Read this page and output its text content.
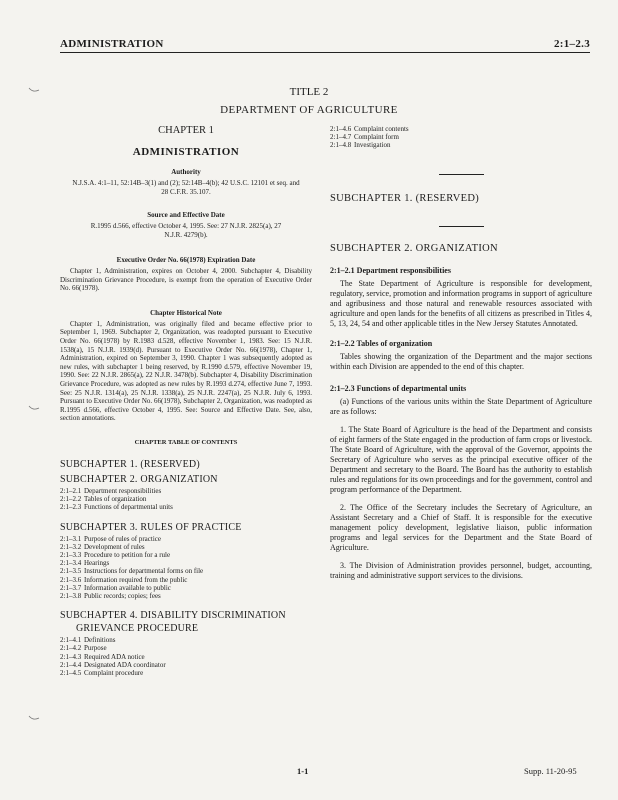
ADMINISTRATION	2:1–2.3
TITLE 2
DEPARTMENT OF AGRICULTURE
CHAPTER 1
ADMINISTRATION
Authority
N.J.S.A. 4:1–11, 52:14B–3(1) and (2); 52:14B–4(b); 42 U.S.C. 12101 et seq. and 28 C.F.R. 35.107.
Source and Effective Date
R.1995 d.566, effective October 4, 1995. See: 27 N.J.R. 2825(a), 27 N.J.R. 4279(b).
Executive Order No. 66(1978) Expiration Date

Chapter 1, Administration, expires on October 4, 2000. Subchapter 4, Disability Discrimination Grievance Procedure, is exempt from the operation of Executive Order No. 66(1978).

Chapter Historical Note

Chapter 1, Administration, was originally filed and became effective prior to September 1, 1969. Subchapter 2, Organization, was readopted pursuant to Executive Order No. 66(1978) by R.1983 d.528, effective November 1, 1983. See: 15 N.J.R. 1538(a), 15 N.J.R. 1939(d). Pursuant to Executive Order No. 66(1978), Chapter 1, Administration, expired on September 3, 1990. Chapter 1 was subsequently adopted as new rules, with subchapter 1 being reserved, by R.1990 d.579, effective November 19, 1990. See: 22 N.J.R. 2865(a), 22 N.J.R. 3478(b). Subchapter 4, Disability Discrimination Grievance Procedure, was adopted as new rules by R.1993 d.274, effective June 7, 1993. See: 25 N.J.R. 1314(a), 25 N.J.R. 1338(a), 25 N.J.R. 2247(a), 25 N.J.R. July 6, 1993. Pursuant to Executive Order No. 66(1978), Subchapter 2, Organization, was readopted as R.1995 d.566, effective October 4, 1995. See: Source and Effective Date. See, also, section annotations.

CHAPTER TABLE OF CONTENTS
SUBCHAPTER 1. (RESERVED)
SUBCHAPTER 2. ORGANIZATION
2:1–2.1 Department responsibilities
2:1–2.2 Tables of organization
2:1–2.3 Functions of departmental units
SUBCHAPTER 3. RULES OF PRACTICE
2:1–3.1 Purpose of rules of practice
2:1–3.2 Development of rules
2:1–3.3 Procedure to petition for a rule
2:1–3.4 Hearings
2:1–3.5 Instructions for departmental forms on file
2:1–3.6 Information required from the public
2:1–3.7 Information available to public
2:1–3.8 Public records; copies; fees
SUBCHAPTER 4. DISABILITY DISCRIMINATION
GRIEVANCE PROCEDURE
2:1–4.1 Definitions
2:1–4.2 Purpose
2:1–4.3 Required ADA notice
2:1–4.4 Designated ADA coordinator
2:1–4.5 Complaint procedure
2:1–4.6 Complaint contents
2:1–4.7 Complaint form
2:1–4.8 Investigation
SUBCHAPTER 1. (RESERVED)
SUBCHAPTER 2. ORGANIZATION
2:1–2.1 Department responsibilities

The State Department of Agriculture is responsible for development, regulatory, service, promotion and information programs in support of agriculture and agribusiness and those natural and renewable resources associated with agriculture and open lands for the benefits of all citizens as prescribed in Titles 4, 5, 13, 24, 54 and other applicable titles in the New Jersey Statutes Annotated.

2:1–2.2 Tables of organization

Tables showing the organization of the Department and the major sections within each Division are appended to the end of this chapter.

2:1–2.3 Functions of departmental units

(a) Functions of the various units within the State Department of Agriculture are as follows:

1. The State Board of Agriculture is the head of the Department and consists of eight farmers of the State engaged in the production of farm crops or livestock. The State Board of Agriculture, with the approval of the Governor, appoints the Secretary of Agriculture who serves as the principal executive officer of the Department and secretary to the Board. The Board has the authority to establish rules and regulations for its own proceedings and for the government, control and program performance of the Department.

2. The Office of the Secretary includes the Secretary of Agriculture, an Assistant Secretary and a Chief of Staff. It is responsible for the executive management policy development, legislative liaison, public information programs and legal services for the Department and the State Board of Agriculture.

3. The Division of Administration provides personnel, budget, accounting, training and administrative support services to the divisions.

1-1	Supp. 11-20-95
